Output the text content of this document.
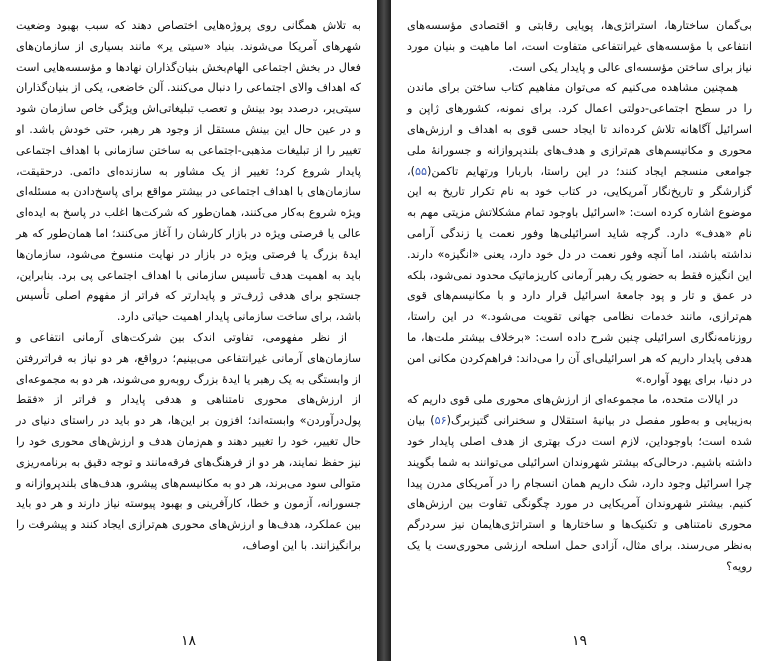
به تلاش همگانی روی پروژه‌هایی اختصاص دهند که سبب بهبود وضعیت شهرهای آمریکا می‌شوند. بنیاد «سیتی یر» مانند بسیاری از سازمان‌های فعال در بخش اجتماعی الهام‌بخش بنیان‌گذاران نهادها و مؤسسه‌هایی است که اهداف والای اجتماعی را دنبال می‌کنند. آلن خاضعی، یکی از بنیان‌گذاران سیتی‌یر، درصدد بود بینش و تعصب تبلیغاتی‌اش ویژگی خاص سازمان شود و در عین حال این بینش مستقل از وجود هر رهبر، حتی خودش باشد. او تغییر را از تبلیغات مذهبی-اجتماعی به ساختن سازمانی با اهداف اجتماعی پایدار شروع کرد؛ تغییر از یک مشاور به سازنده‌ای دائمی. درحقیقت، سازمان‌های با اهداف اجتماعی در بیشتر مواقع برای پاسخ‌دادن به مسئله‌ای ویژه شروع به‌کار می‌کنند، همان‌طور که شرکت‌ها اغلب در پاسخ به ایده‌ای عالی یا فرصتی ویژه در بازار کارشان را آغاز می‌کنند؛ اما همان‌طور که هر ایدۀ بزرگ یا فرصتی ویژه در بازار در نهایت منسوخ می‌شود، سازمان‌ها باید به اهمیت هدف تأسیس سازمانی با اهداف اجتماعی پی برد. بنابراین، جستجو برای هدفی ژرف‌تر و پایدارتر که فراتر از مفهوم اصلی تأسیس باشد، برای ساخت سازمانی پایدار اهمیت حیاتی دارد.

از نظر مفهومی، تفاوتی اندک بین شرکت‌های آرمانی انتفاعی و سازمان‌های آرمانی غیرانتفاعی می‌بینیم؛ درواقع، هر دو نیاز به فراتررفتن از وابستگی به یک رهبر یا ایدۀ بزرگ روبه‌رو می‌شوند، هر دو به مجموعه‌ای از ارزش‌های محوری نامتناهی و هدفی پایدار و فراتر از «فقط پول‌درآوردن» وابسته‌اند؛ افزون بر این‌ها، هر دو باید در راستای دنیای در حال تغییر، خود را تغییر دهند و هم‌زمان هدف و ارزش‌های محوری خود را نیز حفظ نمایند، هر دو از فرهنگ‌های فرقه‌مانند و توجه دقیق به برنامه‌ریزی متوالی سود می‌برند، هر دو به مکانیسم‌های پیشرو، هدف‌های بلندپروازانه و جسورانه، آزمون و خطا، کارآفرینی و بهبود پیوسته نیاز دارند و هر دو باید بین عملکرد، هدف‌ها و ارزش‌های محوری هم‌ترازی ایجاد کنند و پیشرفت را برانگیزانند. با این اوصاف،

۱۸

بی‌گمان ساختارها، استراتژی‌ها، پویایی رقابتی و اقتصادی مؤسسه‌های انتفاعی با مؤسسه‌های غیرانتفاعی متفاوت است، اما ماهیت و بنیان مورد نیاز برای ساختن مؤسسه‌ای عالی و پایدار یکی است.

همچنین مشاهده می‌کنیم که می‌توان مفاهیم کتاب ساختن برای ماندن را در سطح اجتماعی-دولتی اعمال کرد. برای نمونه، کشورهای ژاپن و اسرائیل آگاهانه تلاش کرده‌اند تا ایجاد حسی قوی به اهداف و ارزش‌های محوری و مکانیسم‌های هم‌ترازی و هدف‌های بلندپروازانه و جسورانۀ ملی جوامعی منسجم ایجاد کنند؛ در این راستا، باربارا ورتهایم تاکمن(۵۵)، گزارشگر و تاریخ‌نگار آمریکایی، در کتاب خود به نام تکرار تاریخ به این موضوع اشاره کرده است: «اسرائیل باوجود تمام مشکلاتش مزیتی مهم به نام «هدف» دارد. گرچه شاید اسرائیلی‌ها وفور نعمت یا زندگی آرامی نداشته باشند، اما آنچه وفور نعمت در دل خود دارد، یعنی «انگیزه» دارند. این انگیزه فقط به حضور یک رهبر آرمانی کاریزماتیک محدود نمی‌شود، بلکه در عمق و تار و پود جامعۀ اسرائیل قرار دارد و با مکانیسم‌های قوی هم‌ترازی، مانند خدمات نظامی جهانی تقویت می‌شود.» در این راستا، روزنامه‌نگاری اسرائیلی چنین شرح داده است: «برخلاف بیشتر ملت‌ها، ما هدفی پایدار داریم که هر اسرائیلی‌ای آن را می‌داند: فراهم‌کردن مکانی امن در دنیا، برای یهود آواره.»

در ایالات متحده، ما مجموعه‌ای از ارزش‌های محوری ملی قوی داریم که به‌زیبایی و به‌طور مفصل در بیانیۀ استقلال و سخنرانی گتیزبرگ(۵۶) بیان شده است؛ باوجوداین، لازم است درک بهتری از هدف اصلی پایدار خود داشته باشیم. درحالی‌که بیشتر شهروندان اسرائیلی می‌توانند به شما بگویند چرا اسرائیل وجود دارد، شک داریم همان انسجام را در آمریکای مدرن پیدا کنیم. بیشتر شهروندان آمریکایی در مورد چگونگی تفاوت بین ارزش‌های محوری نامتناهی و تکنیک‌ها و ساختارها و استراتژی‌هایمان نیز سردرگم به‌نظر می‌رسند. برای مثال، آزادی حمل اسلحه ارزشی محوری‌ست یا یک رویه؟

۱۹
